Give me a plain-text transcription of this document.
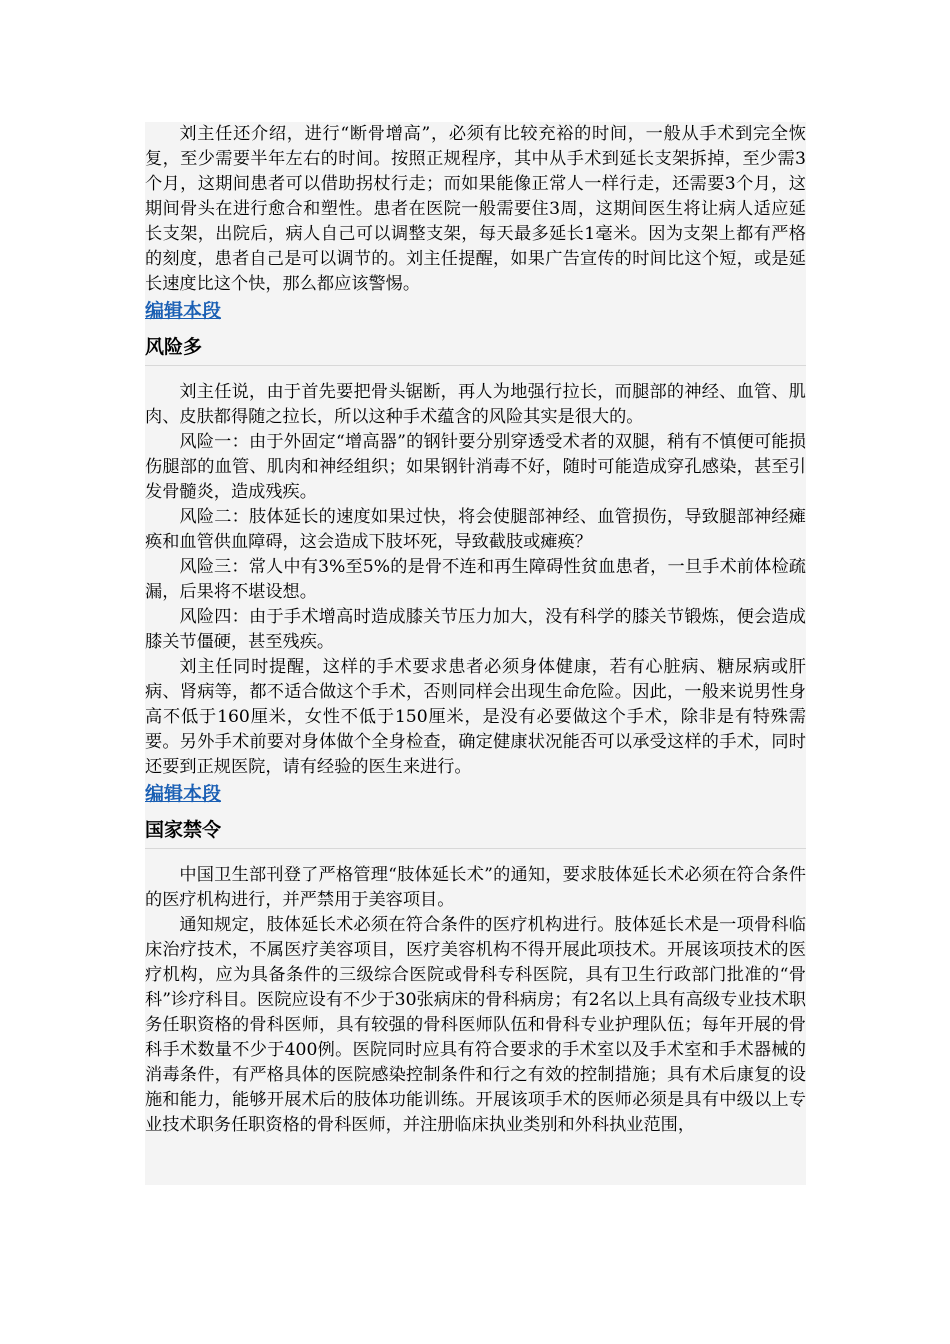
刘主任还介绍，进行“断骨增高”，必须有比较充裕的时间，一般从手术到完全恢复，至少需要半年左右的时间。按照正规程序，其中从手术到延长支架拆掉，至少需3个月，这期间患者可以借助拐杖行走；而如果能像正常人一样行走，还需要3个月，这期间骨头在进行愈合和塑性。患者在医院一般需要住3周，这期间医生将让病人适应延长支架，出院后，病人自己可以调整支架，每天最多延长1毫米。因为支架上都有严格的刻度，患者自己是可以调节的。刘主任提醒，如果广告宣传的时间比这个短，或是延长速度比这个快，那么都应该警惕。

编辑本段
风险多

刘主任说，由于首先要把骨头锯断，再人为地强行拉长，而腿部的神经、血管、肌肉、皮肤都得随之拉长，所以这种手术蕴含的风险其实是很大的。

风险一：由于外固定“增高器”的钢针要分别穿透受术者的双腿，稍有不慎便可能损伤腿部的血管、肌肉和神经组织；如果钢针消毒不好，随时可能造成穿孔感染，甚至引发骨髓炎，造成残疾。

风险二：肢体延长的速度如果过快，将会使腿部神经、血管损伤，导致腿部神经瘫痪和血管供血障碍，这会造成下肢坏死，导致截肢或瘫痪？

风险三：常人中有3%至5%的是骨不连和再生障碍性贫血患者，一旦手术前体检疏漏，后果将不堪设想。

风险四：由于手术增高时造成膝关节压力加大，没有科学的膝关节锻炼，便会造成膝关节僵硬，甚至残疾。

刘主任同时提醒，这样的手术要求患者必须身体健康，若有心脏病、糖尿病或肝病、肾病等，都不适合做这个手术，否则同样会出现生命危险。因此，一般来说男性身高不低于160厘米，女性不低于150厘米，是没有必要做这个手术，除非是有特殊需要。另外手术前要对身体做个全身检查，确定健康状况能否可以承受这样的手术，同时还要到正规医院，请有经验的医生来进行。

编辑本段
国家禁令

中国卫生部刊登了严格管理“肢体延长术”的通知，要求肢体延长术必须在符合条件的医疗机构进行，并严禁用于美容项目。

通知规定，肢体延长术必须在符合条件的医疗机构进行。肢体延长术是一项骨科临床治疗技术，不属医疗美容项目，医疗美容机构不得开展此项技术。开展该项技术的医疗机构，应为具备条件的三级综合医院或骨科专科医院，具有卫生行政部门批准的“骨科”诊疗科目。医院应设有不少于30张病床的骨科病房；有2名以上具有高级专业技术职务任职资格的骨科医师，具有较强的骨科医师队伍和骨科专业护理队伍；每年开展的骨科手术数量不少于400例。医院同时应具有符合要求的手术室以及手术室和手术器械的消毒条件，有严格具体的医院感染控制条件和行之有效的控制措施；具有术后康复的设施和能力，能够开展术后的肢体功能训练。开展该项手术的医师必须是具有中级以上专业技术职务任职资格的骨科医师，并注册临床执业类别和外科执业范围，
